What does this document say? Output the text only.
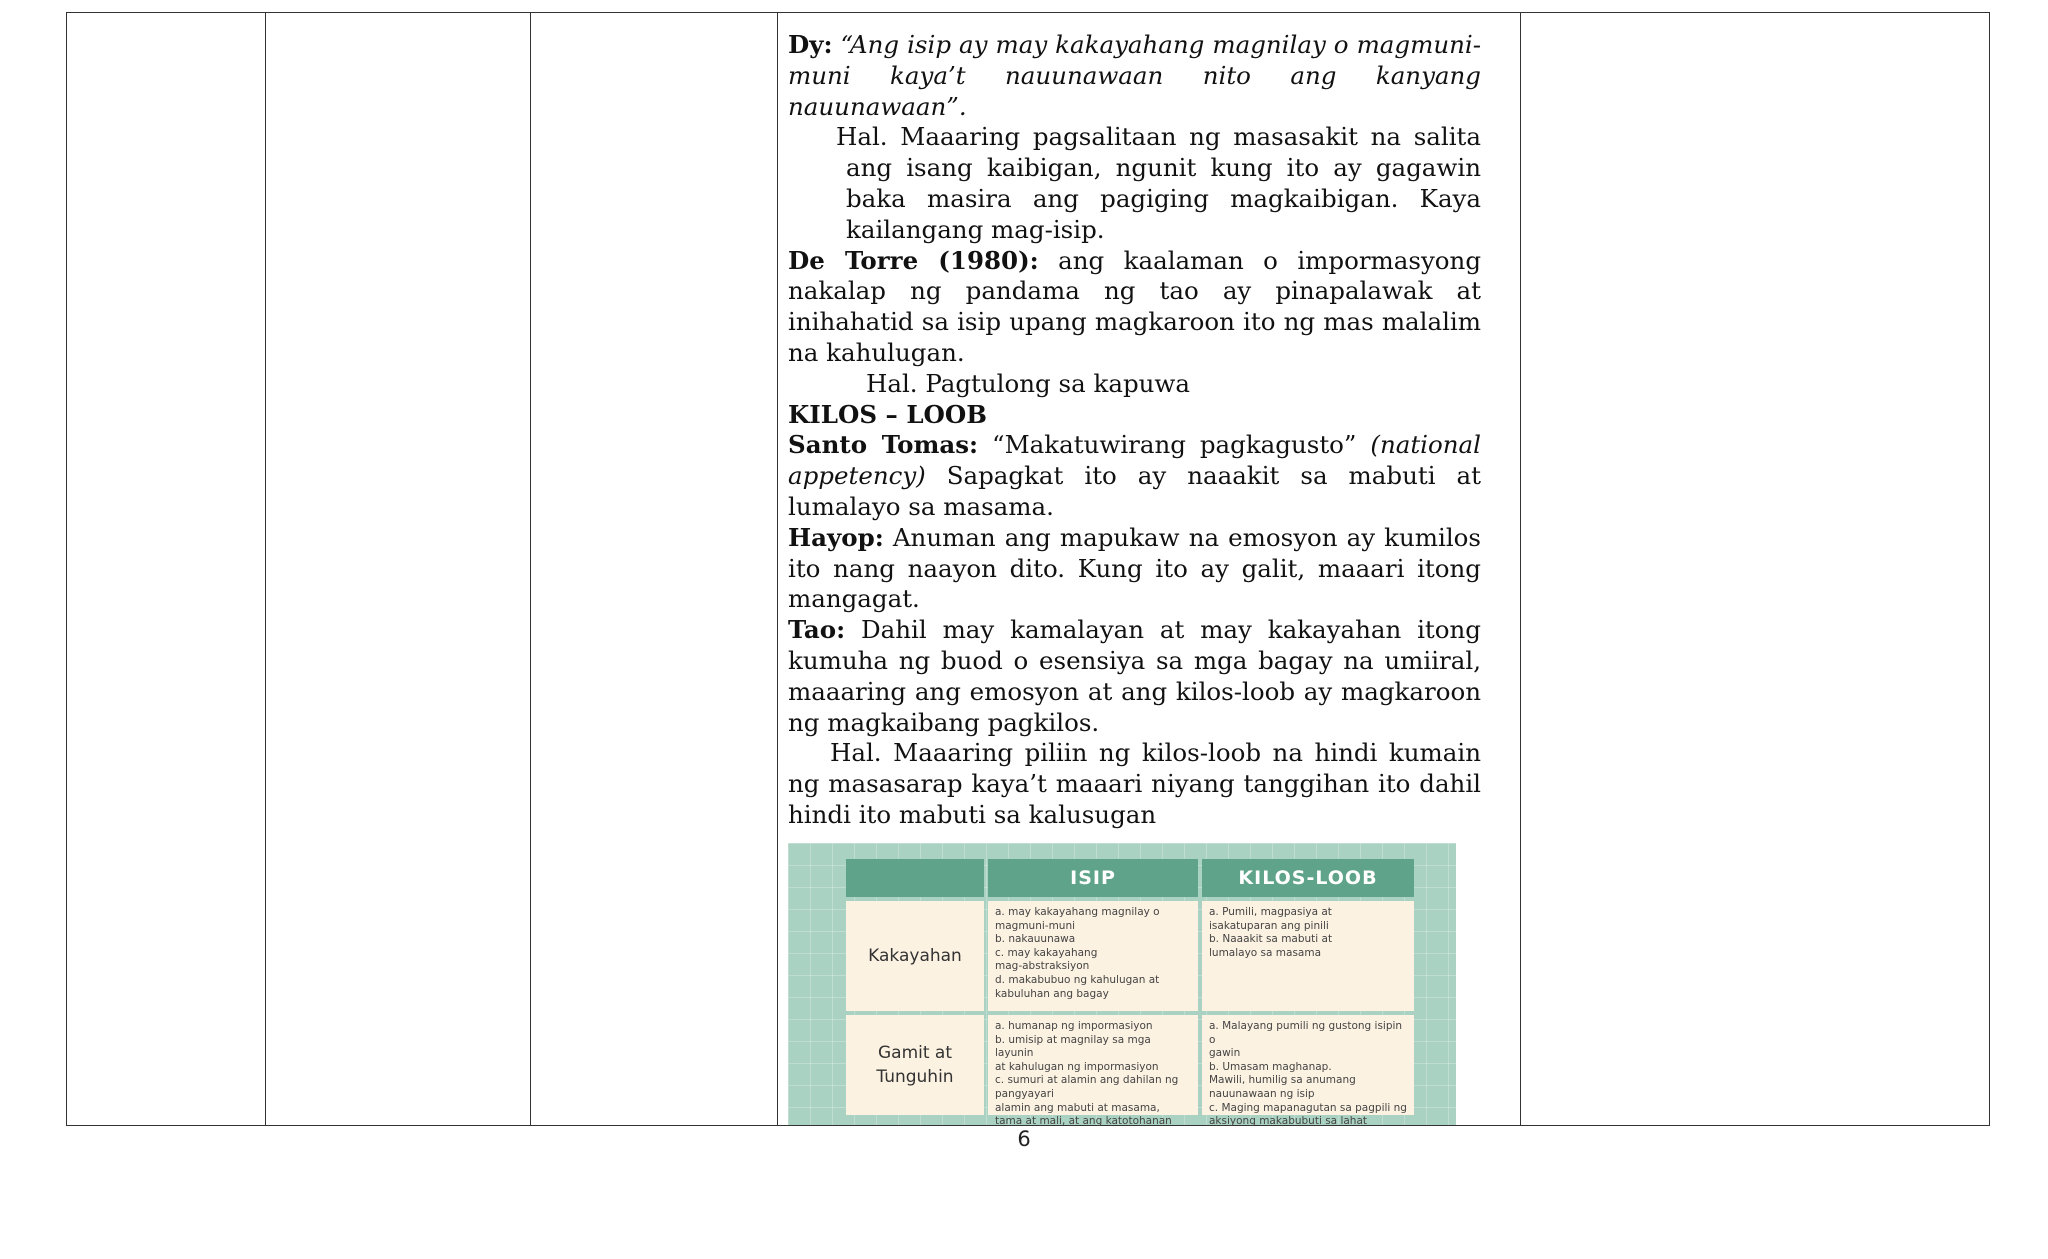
Dy: “Ang isip ay may kakayahang magnilay o magmuni-muni kaya’t nauunawaan nito ang kanyang nauunawaan”.

Hal. Maaaring pagsalitaan ng masasakit na salita ang isang kaibigan, ngunit kung ito ay gagawin baka masira ang pagiging magkaibigan. Kaya kailangang mag-isip.

De Torre (1980): ang kaalaman o impormasyong nakalap ng pandama ng tao ay pinapalawak at inihahatid sa isip upang magkaroon ito ng mas malalim na kahulugan.

Hal. Pagtulong sa kapuwa

KILOS – LOOB

Santo Tomas: “Makatuwirang pagkagusto” (national appetency) Sapagkat ito ay naaakit sa mabuti at lumalayo sa masama.

Hayop: Anuman ang mapukaw na emosyon ay kumilos ito nang naayon dito. Kung ito ay galit, maaari itong mangagat.

Tao: Dahil may kamalayan at may kakayahan itong kumuha ng buod o esensiya sa mga bagay na umiiral, maaaring ang emosyon at ang kilos-loob ay magkaroon ng magkaibang pagkilos.

Hal. Maaaring piliin ng kilos-loob na hindi kumain ng masasarap kaya’t maaari niyang tanggihan ito dahil hindi ito mabuti sa kalusugan

ISIP	KILOS-LOOB
Kakayahan
a. may kakayahang magnilay o
magmuni-muni
b. nakauunawa
c. may kakayahang
mag-abstraksiyon
d. makabubuo ng kahulugan at
kabuluhan ang bagay
a. Pumili, magpasiya at
isakatuparan ang pinili
b. Naaakit sa mabuti at
lumalayo sa masama
Gamit at
Tunguhin
a. humanap ng impormasiyon
b. umisip at magnilay sa mga layunin
at kahulugan ng impormasiyon
c. sumuri at alamin ang dahilan ng
pangyayari
alamin ang mabuti at masama,
tama at mali, at ang katotohanan
a. Malayang pumili ng gustong isipin o
gawin
b. Umasam maghanap.
Mawili, humilig sa anumang
nauunawaan ng isip
c. Maging mapanagutan sa pagpili ng
aksiyong makabubuti sa lahat
6
